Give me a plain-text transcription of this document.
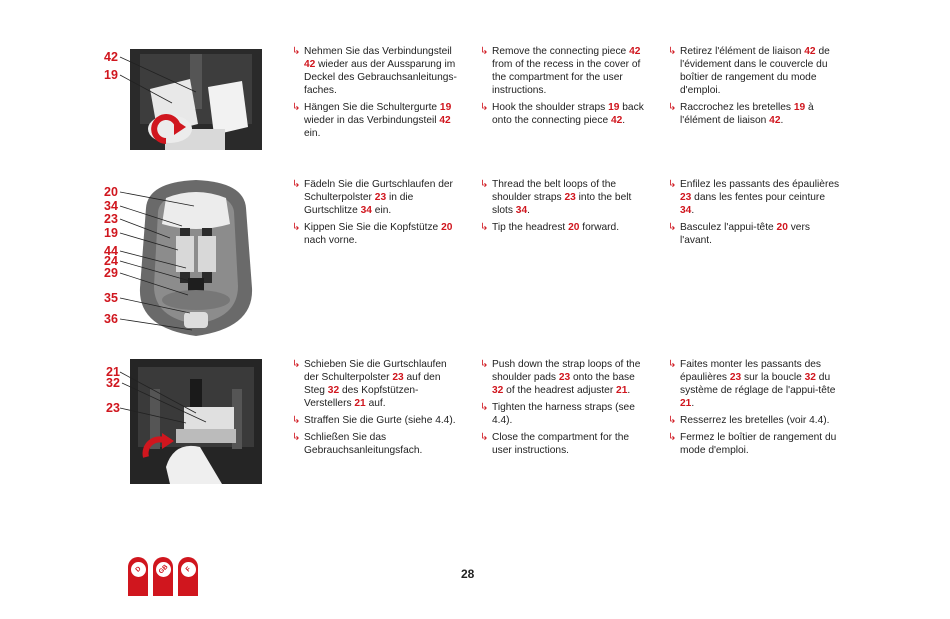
42
19
20
34
23
19
44
24
29
35
36
21
32
23
↳ Nehmen Sie das Verbindungsteil 42 wieder aus der Aussparung im Deckel des Gebrauchsanleitungsfaches.
↳ Hängen Sie die Schultergurte 19 wieder in das Verbindungsteil 42 ein.
↳ Remove the connecting piece 42 from of the recess in the cover of the compartment for the user instructions.
↳ Hook the shoulder straps 19 back onto the connecting piece 42.
↳ Retirez l'élément de liaison 42 de l'évidement dans le couvercle du boîtier de rangement du mode d'emploi.
↳ Raccrochez les bretelles 19 à l'élément de liaison 42.
↳ Fädeln Sie die Gurtschlaufen der Schulterpolster 23 in die Gurtschlitze 34 ein.
↳ Kippen Sie Sie die Kopfstütze 20 nach vorne.
↳ Thread the belt loops of the shoulder straps 23 into the belt slots 34.
↳ Tip the headrest 20 forward.
↳ Enfilez les passants des épaulières 23 dans les fentes pour ceinture 34.
↳ Basculez l'appui-tête 20 vers l'avant.
↳ Schieben Sie die Gurtschlaufen der Schulterpolster 23 auf den Steg 32 des Kopfstützen-Verstellers 21 auf.
↳ Straffen Sie die Gurte (siehe 4.4).
↳ Schließen Sie das Gebrauchsanleitungsfach.
↳ Push down the strap loops of the shoulder pads 23 onto the base 32 of the headrest adjuster 21.
↳ Tighten the harness straps (see 4.4).
↳ Close the compartment for the user instructions.
↳ Faites monter les passants des épaulières 23 sur la boucle 32 du système de réglage de l'appui-tête 21.
↳ Resserrez les bretelles (voir 4.4).
↳ Fermez le boîtier de rangement du mode d'emploi.
D	GB	F	28
